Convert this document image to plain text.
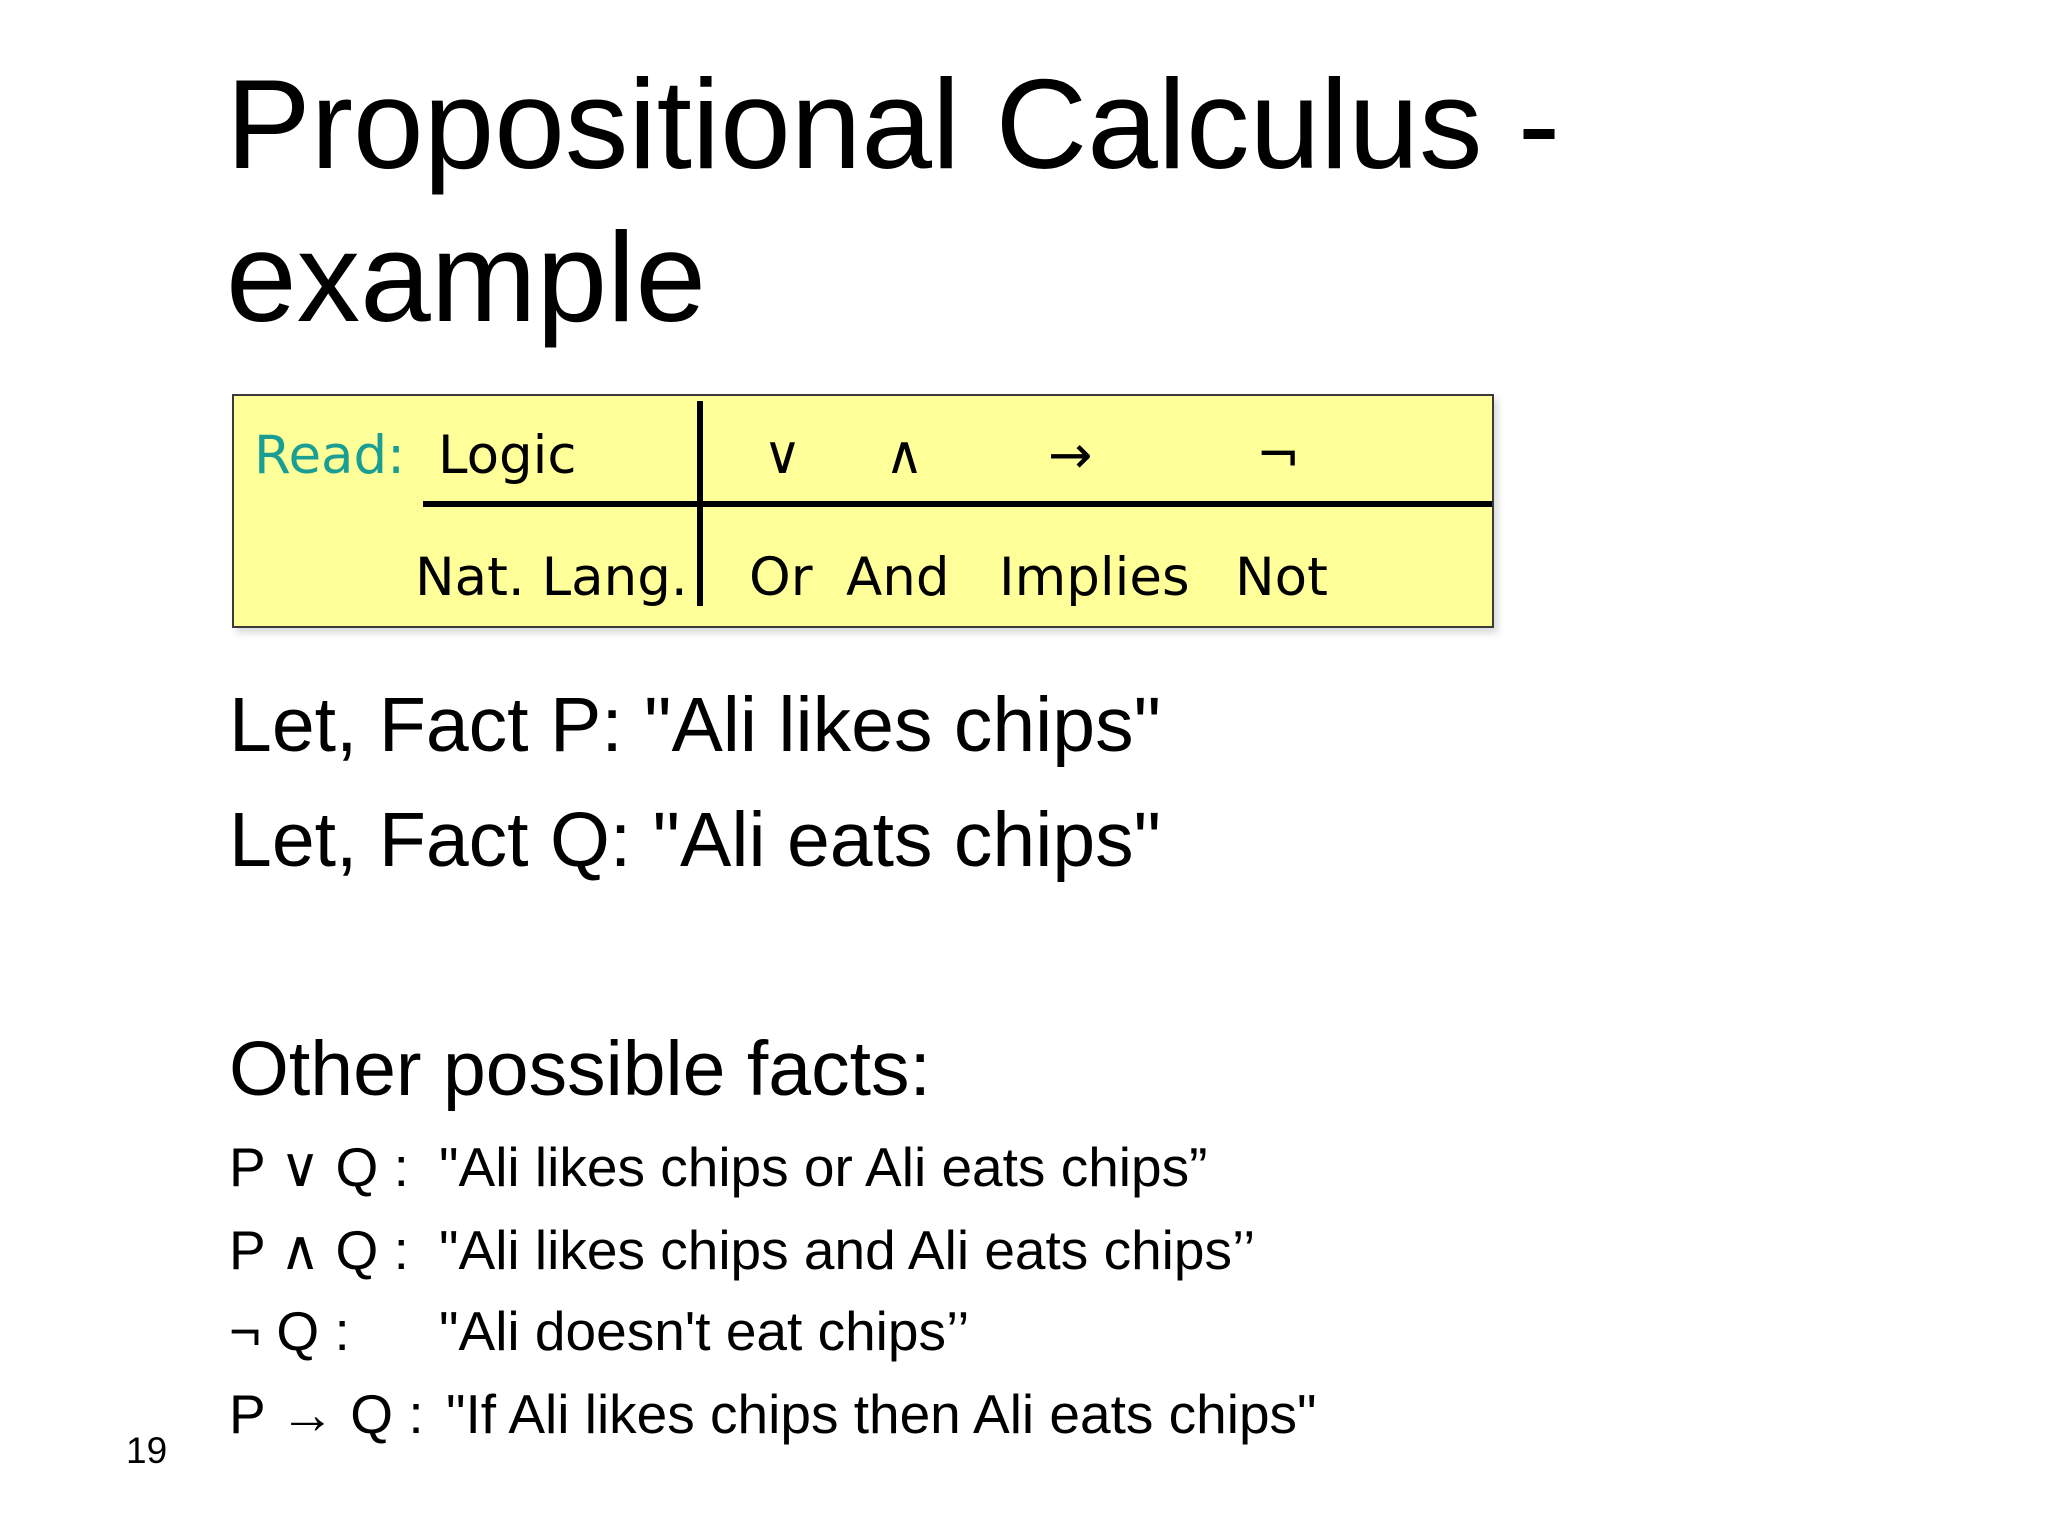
Propositional Calculus - example
Read: Logic
Nat. Lang.
∨ ∧ →	¬
Or And Implies Not

Let, Fact P: "Ali likes chips"

Let, Fact Q: "Ali eats chips"

Other possible facts:

P ∨ Q : "Ali likes chips or Ali eats chips”
P ∧ Q : "Ali likes chips and Ali eats chips’’
¬ Q : "Ali doesn't eat chips’’
P → Q : "If Ali likes chips then Ali eats chips"
19
